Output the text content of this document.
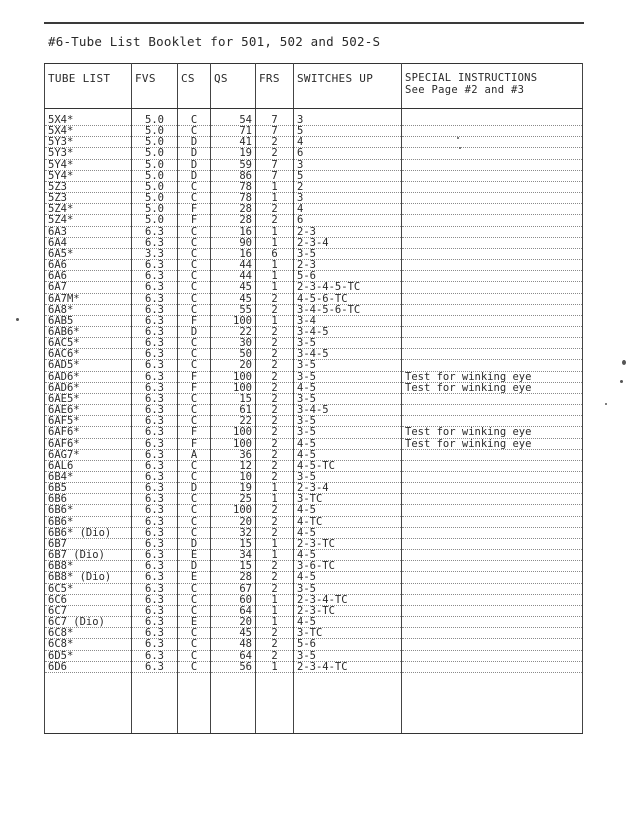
#6-Tube List Booklet for 501, 502 and 502-S
TUBE LIST	FVS	CS	QS	FRS	SWITCHES UP	SPECIAL INSTRUCTIONS
See Page #2 and #3

5X4*	5.0	C	54	7	3	
5X4*	5.0	C	71	7	5	
5Y3*	5.0	D	41	2	4	
5Y3*	5.0	D	19	2	6	
5Y4*	5.0	D	59	7	3	
5Y4*	5.0	D	86	7	5	
5Z3	5.0	C	78	1	2	
5Z3	5.0	C	78	1	3	
5Z4*	5.0	F	28	2	4	
5Z4*	5.0	F	28	2	6	
6A3	6.3	C	16	1	2-3	
6A4	6.3	C	90	1	2-3-4	
6A5*	3.3	C	16	6	3-5	
6A6	6.3	C	44	1	2-3	
6A6	6.3	C	44	1	5-6	
6A7	6.3	C	45	1	2-3-4-5-TC	
6A7M*	6.3	C	45	2	4-5-6-TC	
6A8*	6.3	C	55	2	3-4-5-6-TC	
6AB5	6.3	F	100	1	3-4	
6AB6*	6.3	D	22	2	3-4-5	
6AC5*	6.3	C	30	2	3-5	
6AC6*	6.3	C	50	2	3-4-5	
6AD5*	6.3	C	20	2	3-5	
6AD6*	6.3	F	100	2	3-5	Test for winking eye
6AD6*	6.3	F	100	2	4-5	Test for winking eye
6AE5*	6.3	C	15	2	3-5	
6AE6*	6.3	C	61	2	3-4-5	
6AF5*	6.3	C	22	2	3-5	
6AF6*	6.3	F	100	2	3-5	Test for winking eye
6AF6*	6.3	F	100	2	4-5	Test for winking eye
6AG7*	6.3	A	36	2	4-5	
6AL6	6.3	C	12	2	4-5-TC	
6B4*	6.3	C	10	2	3-5	
6B5	6.3	D	19	1	2-3-4	
6B6	6.3	C	25	1	3-TC	
6B6*	6.3	C	100	2	4-5	
6B6*	6.3	C	20	2	4-TC	
6B6* (Dio)	6.3	C	32	2	4-5	
6B7	6.3	D	15	1	2-3-TC	
6B7 (Dio)	6.3	E	34	1	4-5	
6B8*	6.3	D	15	2	3-6-TC	
6B8* (Dio)	6.3	E	28	2	4-5	
6C5*	6.3	C	67	2	3-5	
6C6	6.3	C	60	1	2-3-4-TC	
6C7	6.3	C	64	1	2-3-TC	
6C7 (Dio)	6.3	E	20	1	4-5	
6C8*	6.3	C	45	2	3-TC	
6C8*	6.3	C	48	2	5-6	
6D5*	6.3	C	64	2	3-5	
6D6	6.3	C	56	1	2-3-4-TC	
